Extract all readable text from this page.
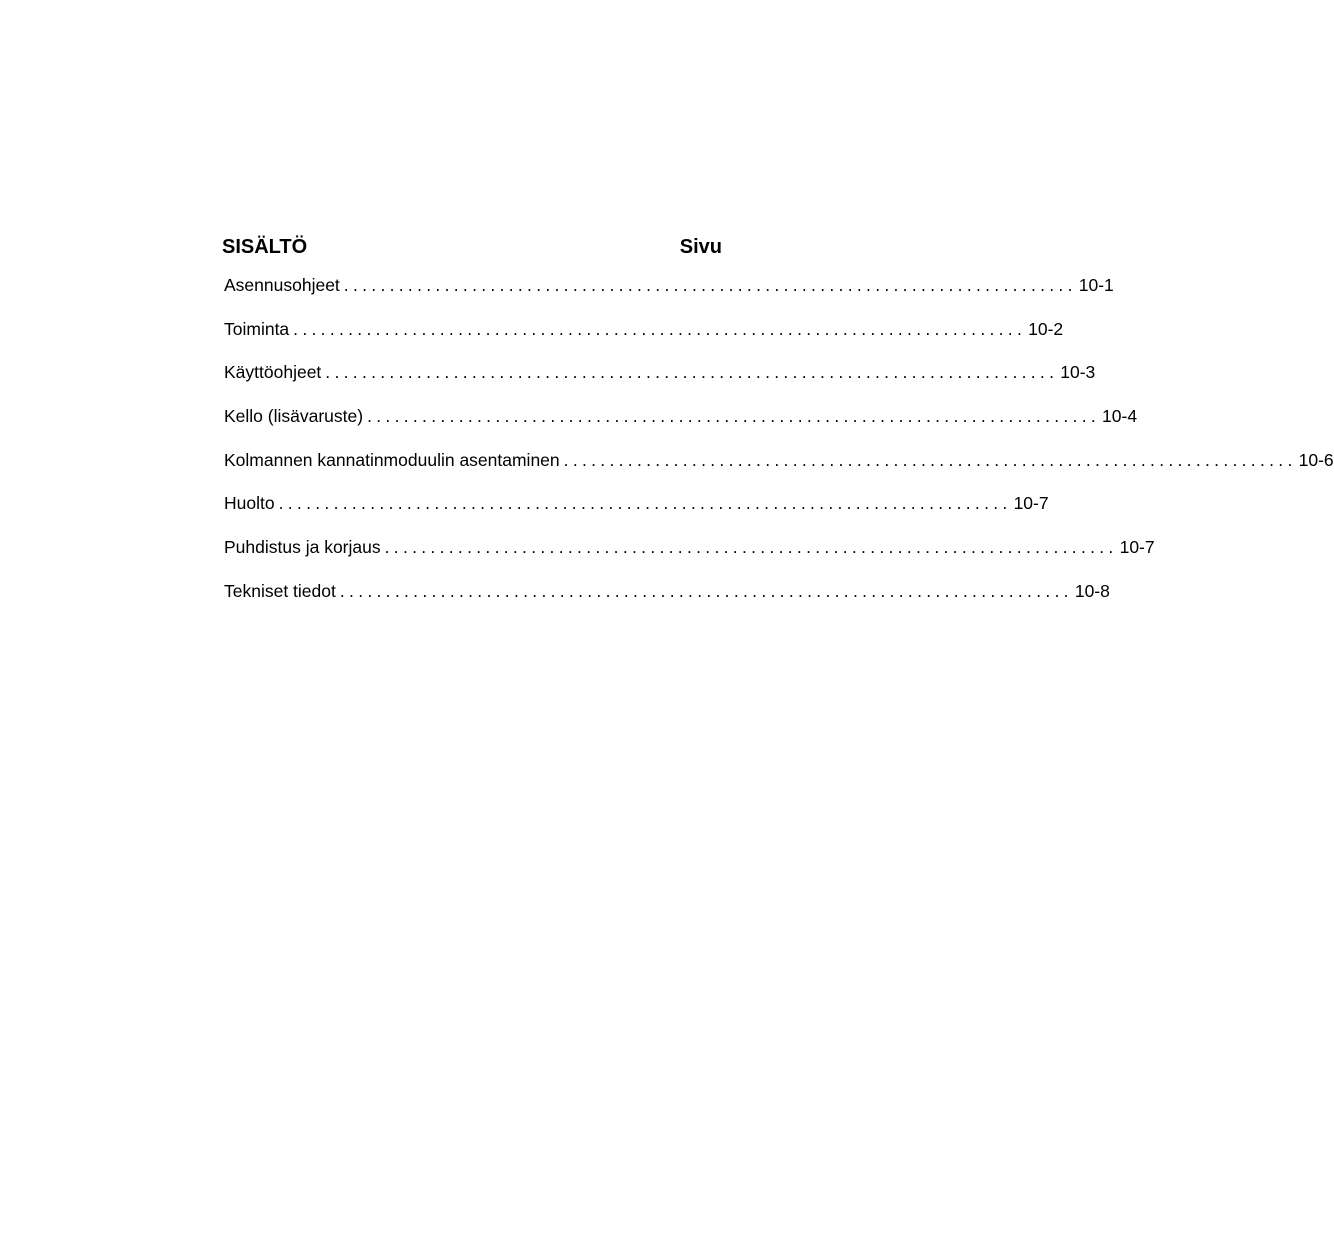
SISÄLTÖ	Sivu
Asennusohjeet ................................................................................ 10-1
Toiminta ................................................................................ 10-2
Käyttöohjeet ................................................................................ 10-3
Kello (lisävaruste) ................................................................................ 10-4
Kolmannen kannatinmoduulin asentaminen ................................................................................ 10-6
Huolto ................................................................................ 10-7
Puhdistus ja korjaus ................................................................................ 10-7
Tekniset tiedot ................................................................................ 10-8
